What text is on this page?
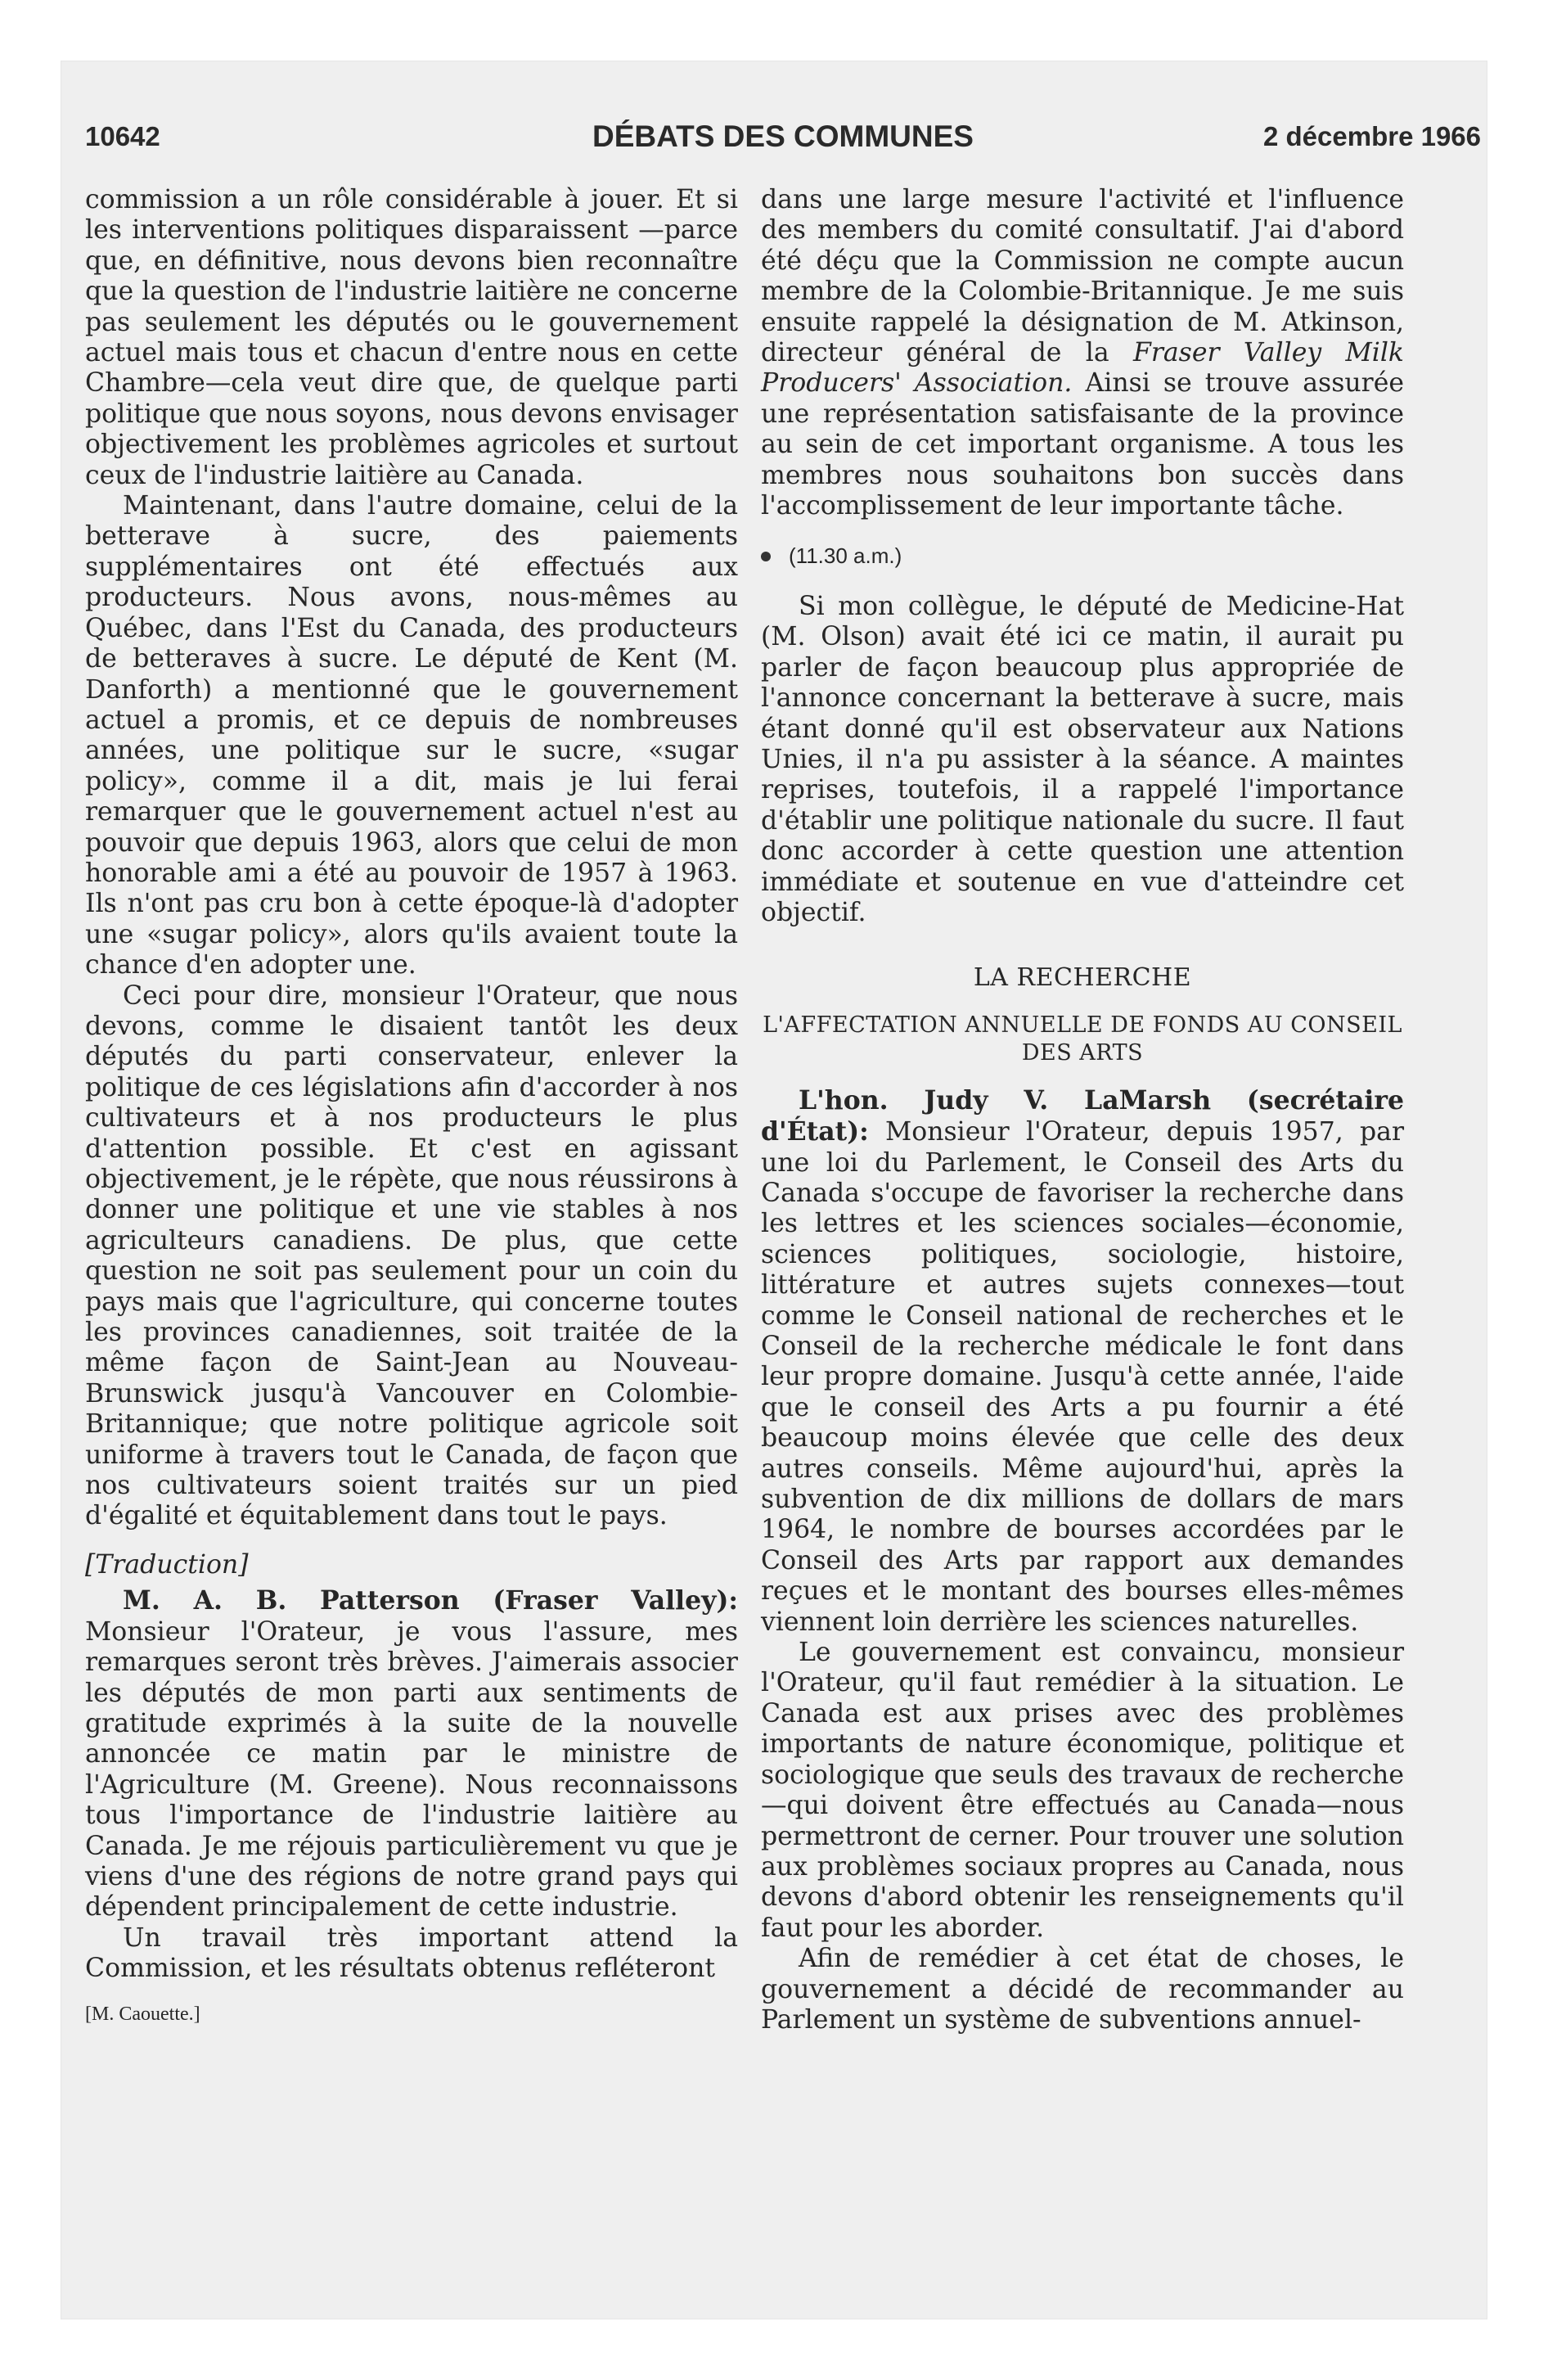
10642	DÉBATS DES COMMUNES	2 décembre 1966

commission a un rôle considérable à jouer. Et si les interventions politiques disparaissent —parce que, en définitive, nous devons bien reconnaître que la question de l'industrie laitière ne concerne pas seulement les députés ou le gouvernement actuel mais tous et chacun d'entre nous en cette Chambre—cela veut dire que, de quelque parti politique que nous soyons, nous devons envisager objectivement les problèmes agricoles et surtout ceux de l'industrie laitière au Canada.

Maintenant, dans l'autre domaine, celui de la betterave à sucre, des paiements supplémentaires ont été effectués aux producteurs. Nous avons, nous-mêmes au Québec, dans l'Est du Canada, des producteurs de betteraves à sucre. Le député de Kent (M. Danforth) a mentionné que le gouvernement actuel a promis, et ce depuis de nombreuses années, une politique sur le sucre, «sugar policy», comme il a dit, mais je lui ferai remarquer que le gouvernement actuel n'est au pouvoir que depuis 1963, alors que celui de mon honorable ami a été au pouvoir de 1957 à 1963. Ils n'ont pas cru bon à cette époque-là d'adopter une «sugar policy», alors qu'ils avaient toute la chance d'en adopter une.

Ceci pour dire, monsieur l'Orateur, que nous devons, comme le disaient tantôt les deux députés du parti conservateur, enlever la politique de ces législations afin d'accorder à nos cultivateurs et à nos producteurs le plus d'attention possible. Et c'est en agissant objectivement, je le répète, que nous réussirons à donner une politique et une vie stables à nos agriculteurs canadiens. De plus, que cette question ne soit pas seulement pour un coin du pays mais que l'agriculture, qui concerne toutes les provinces canadiennes, soit traitée de la même façon de Saint-Jean au Nouveau-Brunswick jusqu'à Vancouver en Colombie-Britannique; que notre politique agricole soit uniforme à travers tout le Canada, de façon que nos cultivateurs soient traités sur un pied d'égalité et équitablement dans tout le pays.

[Traduction]

M. A. B. Patterson (Fraser Valley): Monsieur l'Orateur, je vous l'assure, mes remarques seront très brèves. J'aimerais associer les députés de mon parti aux sentiments de gratitude exprimés à la suite de la nouvelle annoncée ce matin par le ministre de l'Agriculture (M. Greene). Nous reconnaissons tous l'importance de l'industrie laitière au Canada. Je me réjouis particulièrement vu que je viens d'une des régions de notre grand pays qui dépendent principalement de cette industrie.

Un travail très important attend la Commission, et les résultats obtenus refléteront

[M. Caouette.]

dans une large mesure l'activité et l'influence des members du comité consultatif. J'ai d'abord été déçu que la Commission ne compte aucun membre de la Colombie-Britannique. Je me suis ensuite rappelé la désignation de M. Atkinson, directeur général de la Fraser Valley Milk Producers' Association. Ainsi se trouve assurée une représentation satisfaisante de la province au sein de cet important organisme. A tous les membres nous souhaitons bon succès dans l'accomplissement de leur importante tâche.

(11.30 a.m.)

Si mon collègue, le député de Medicine-Hat (M. Olson) avait été ici ce matin, il aurait pu parler de façon beaucoup plus appropriée de l'annonce concernant la betterave à sucre, mais étant donné qu'il est observateur aux Nations Unies, il n'a pu assister à la séance. A maintes reprises, toutefois, il a rappelé l'importance d'établir une politique nationale du sucre. Il faut donc accorder à cette question une attention immédiate et soutenue en vue d'atteindre cet objectif.

LA RECHERCHE
L'AFFECTATION ANNUELLE DE FONDS AU CONSEIL DES ARTS

L'hon. Judy V. LaMarsh (secrétaire d'État): Monsieur l'Orateur, depuis 1957, par une loi du Parlement, le Conseil des Arts du Canada s'occupe de favoriser la recherche dans les lettres et les sciences sociales—économie, sciences politiques, sociologie, histoire, littérature et autres sujets connexes—tout comme le Conseil national de recherches et le Conseil de la recherche médicale le font dans leur propre domaine. Jusqu'à cette année, l'aide que le conseil des Arts a pu fournir a été beaucoup moins élevée que celle des deux autres conseils. Même aujourd'hui, après la subvention de dix millions de dollars de mars 1964, le nombre de bourses accordées par le Conseil des Arts par rapport aux demandes reçues et le montant des bourses elles-mêmes viennent loin derrière les sciences naturelles.

Le gouvernement est convaincu, monsieur l'Orateur, qu'il faut remédier à la situation. Le Canada est aux prises avec des problèmes importants de nature économique, politique et sociologique que seuls des travaux de recherche—qui doivent être effectués au Canada—nous permettront de cerner. Pour trouver une solution aux problèmes sociaux propres au Canada, nous devons d'abord obtenir les renseignements qu'il faut pour les aborder.

Afin de remédier à cet état de choses, le gouvernement a décidé de recommander au Parlement un système de subventions annuel-
